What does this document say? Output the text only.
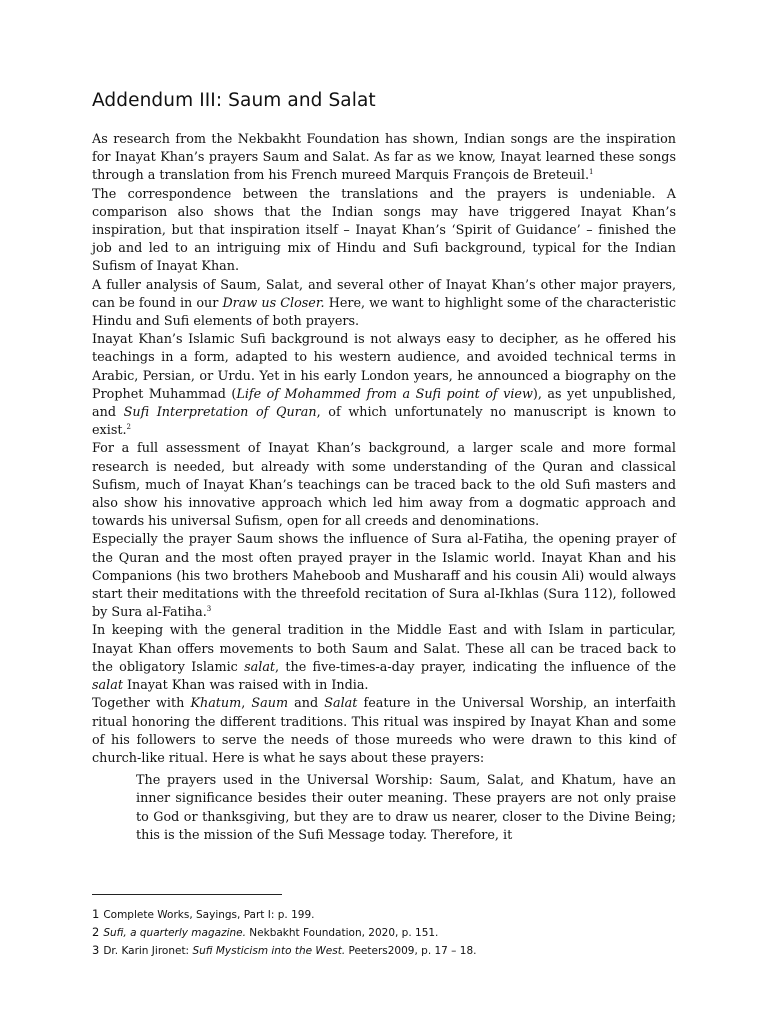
Addendum III: Saum and Salat

As research from the Nekbakht Foundation has shown, Indian songs are the inspiration for Inayat Khan’s prayers Saum and Salat. As far as we know, Inayat learned these songs through a translation from his French mureed Marquis François de Breteuil.$^1$

The correspondence between the translations and the prayers is undeniable. A comparison also shows that the Indian songs may have triggered Inayat Khan’s inspiration, but that inspiration itself – Inayat Khan’s ‘Spirit of Guidance’ – finished the job and led to an intriguing mix of Hindu and Sufi background, typical for the Indian Sufism of Inayat Khan.

A fuller analysis of Saum, Salat, and several other of Inayat Khan’s other major prayers, can be found in our Draw us Closer. Here, we want to highlight some of the characteristic Hindu and Sufi elements of both prayers.

Inayat Khan’s Islamic Sufi background is not always easy to decipher, as he offered his teachings in a form, adapted to his western audience, and avoided technical terms in Arabic, Persian, or Urdu. Yet in his early London years, he announced a biography on the Prophet Muhammad (Life of Mohammed from a Sufi point of view), as yet unpublished, and Sufi Interpretation of Quran, of which unfortunately no manuscript is known to exist.$^2$

For a full assessment of Inayat Khan’s background, a larger scale and more formal research is needed, but already with some understanding of the Quran and classical Sufism, much of Inayat Khan’s teachings can be traced back to the old Sufi masters and also show his innovative approach which led him away from a dogmatic approach and towards his universal Sufism, open for all creeds and denominations.

Especially the prayer Saum shows the influence of Sura al-Fatiha, the opening prayer of the Quran and the most often prayed prayer in the Islamic world. Inayat Khan and his Companions (his two brothers Maheboob and Musharaff and his cousin Ali) would always start their meditations with the threefold recitation of Sura al-Ikhlas (Sura 112), followed by Sura al-Fatiha.$^3$

In keeping with the general tradition in the Middle East and with Islam in particular, Inayat Khan offers movements to both Saum and Salat. These all can be traced back to the obligatory Islamic salat, the five-times-a-day prayer, indicating the influence of the salat Inayat Khan was raised with in India.

Together with Khatum, Saum and Salat feature in the Universal Worship, an interfaith ritual honoring the different traditions. This ritual was inspired by Inayat Khan and some of his followers to serve the needs of those mureeds who were drawn to this kind of church-like ritual. Here is what he says about these prayers:

The prayers used in the Universal Worship: Saum, Salat, and Khatum, have an inner significance besides their outer meaning. These prayers are not only praise to God or thanksgiving, but they are to draw us nearer, closer to the Divine Being; this is the mission of the Sufi Message today. Therefore, it

1 Complete Works, Sayings, Part I: p. 199.
2 Sufi, a quarterly magazine. Nekbakht Foundation, 2020, p. 151.
3 Dr. Karin Jironet: Sufi Mysticism into the West. Peeters2009, p. 17 – 18.
